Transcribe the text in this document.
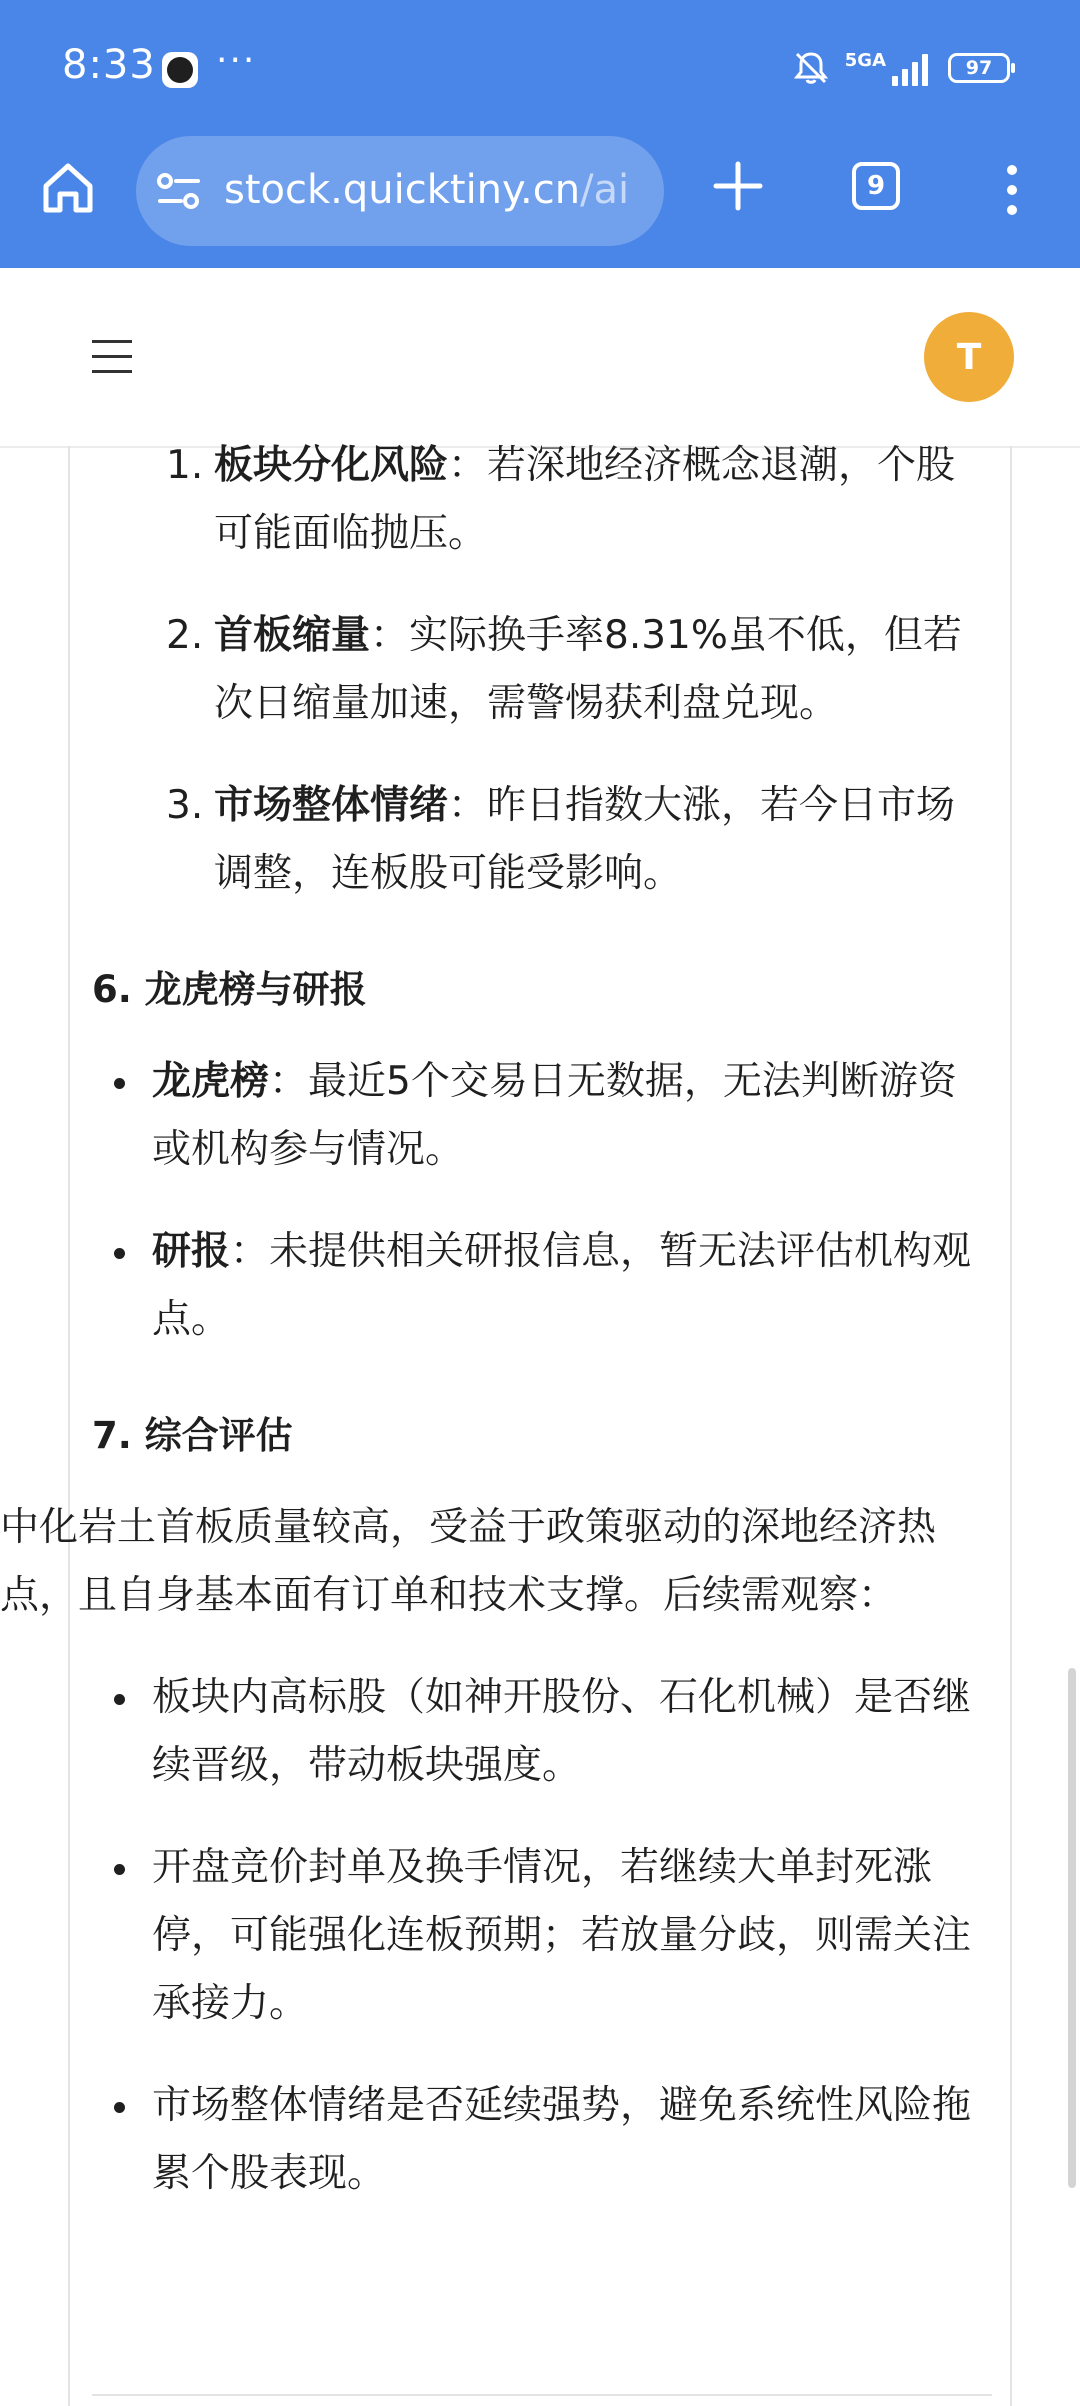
8:33 ···	5GA	97
stock.quicktiny.cn/ai	9
T
1. 板块分化风险：若深地经济概念退潮，个股可能面临抛压。
2. 首板缩量：实际换手率8.31%虽不低，但若次日缩量加速，需警惕获利盘兑现。
3. 市场整体情绪：昨日指数大涨，若今日市场调整，连板股可能受影响。
6. 龙虎榜与研报
龙虎榜：最近5个交易日无数据，无法判断游资或机构参与情况。
研报：未提供相关研报信息，暂无法评估机构观点。
7. 综合评估

中化岩土首板质量较高，受益于政策驱动的深地经济热点，且自身基本面有订单和技术支撑。后续需观察：

板块内高标股（如神开股份、石化机械）是否继续晋级，带动板块强度。
开盘竞价封单及换手情况，若继续大单封死涨停，可能强化连板预期；若放量分歧，则需关注承接力。
市场整体情绪是否延续强势，避免系统性风险拖累个股表现。
